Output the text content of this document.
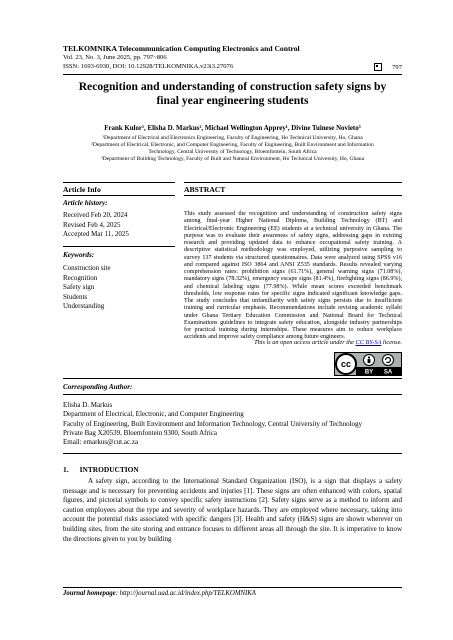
TELKOMNIKA Telecommunication Computing Electronics and Control
Vol. 23, No. 3, June 2025, pp. 797~806
ISSN: 1693-6930, DOI: 10.12928/TELKOMNIKA.v23i3.27076	797
Recognition and understanding of construction safety signs by
final year engineering students
Frank Kulor¹, Elisha D. Markus², Michael Wellington Apprey¹, Divine Tuinese Novieto³
¹Department of Electrical and Electronics Engineering, Faculty of Engineering, Ho Technical University, Ho, Ghana
²Department of Electrical, Electronic, and Computer Engineering, Faculty of Engineering, Built Environment and Information
Technology, Central University of Technology, Bloemfontein, South Africa
³Department of Building Technology, Faculty of Built and Natural Environment, Ho Technical University, Ho, Ghana
Article Info
Article history:
Received Feb 20, 2024
Revised Feb 4, 2025
Accepted Mar 11, 2025
Keywords:
Construction site
Recognition
Safety sign
Students
Understanding
ABSTRACT
This study assessed the recognition and understanding of construction safety signs among final-year Higher National Diploma, Building Technology (BT) and Electrical/Electronic Engineering (EE) students at a technical university in Ghana. The purpose was to evaluate their awareness of safety signs, addressing gaps in existing research and providing updated data to enhance occupational safety training. A descriptive statistical methodology was employed, utilizing purposive sampling to survey 137 students via structured questionnaires. Data were analyzed using SPSS v16 and compared against ISO 3864 and ANSI Z535 standards. Results revealed varying comprehension rates: prohibition signs (61.71%), general warning signs (71.08%), mandatory signs (78.32%), emergency escape signs (81.4%), firefighting signs (86.9%), and chemical labeling signs (77.98%). While mean scores exceeded benchmark thresholds, low response rates for specific signs indicated significant knowledge gaps. The study concludes that unfamiliarity with safety signs persists due to insufficient training and curricular emphasis. Recommendations include revising academic syllabi under Ghana Tertiary Education Commission and National Board for Technical Examinations guidelines to integrate safety education, alongside industry partnerships for practical training during internships. These measures aim to reduce workplace accidents and improve safety compliance among future engineers.
This is an open access article under the CC BY-SA license.
cc
BY SA
Corresponding Author:
Elisha D. Markus
Department of Electrical, Electronic, and Computer Engineering
Faculty of Engineering, Built Environment and Information Technology, Central University of Technology
Private Bag X20539, Bloemfontein 9300, South Africa
Email: emarkus@cut.ac.za
1.      INTRODUCTION
A safety sign, according to the International Standard Organization (ISO), is a sign that displays a safety message and is necessary for preventing accidents and injuries [1]. These signs are often enhanced with colors, spatial figures, and pictorial symbols to convey specific safety instructions [2]. Safety signs serve as a method to inform and caution employees about the type and severity of workplace hazards. They are employed where necessary, taking into account the potential risks associated with specific dangers [3]. Health and safety (H&S) signs are shown wherever on building sites, from the site storing and entrance focuses to different areas all through the site. It is imperative to know the directions given to you by building
Journal homepage: http://journal.uad.ac.id/index.php/TELKOMNIKA
